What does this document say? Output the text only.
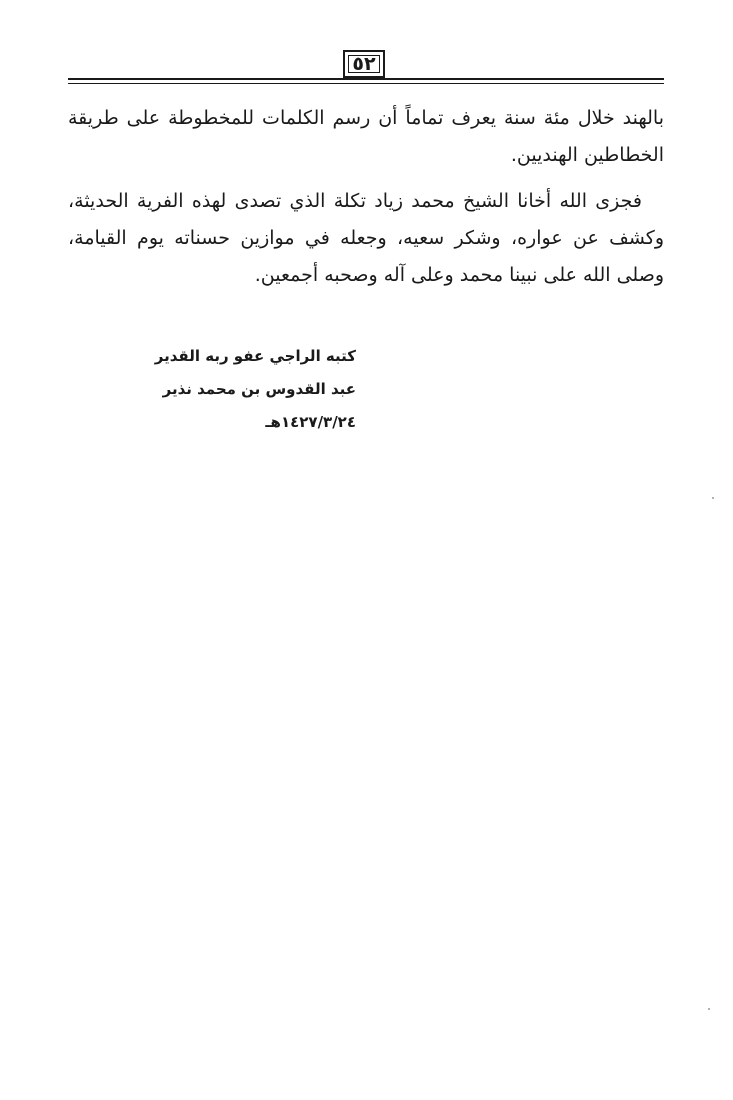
٥٢

بالهند خلال مئة سنة يعرف تماماً أن رسم الكلمات للمخطوطة على طريقة الخطاطين الهنديين.

فجزى الله أخانا الشيخ محمد زياد تكلة الذي تصدى لهذه الفرية الحديثة، وكشف عن عواره، وشكر سعيه، وجعله في موازين حسناته يوم القيامة، وصلى الله على نبينا محمد وعلى آله وصحبه أجمعين.

كتبه الراجي عفو ربه القدير
عبد القدوس بن محمد نذير
١٤٢٧/٣/٢٤هـ
